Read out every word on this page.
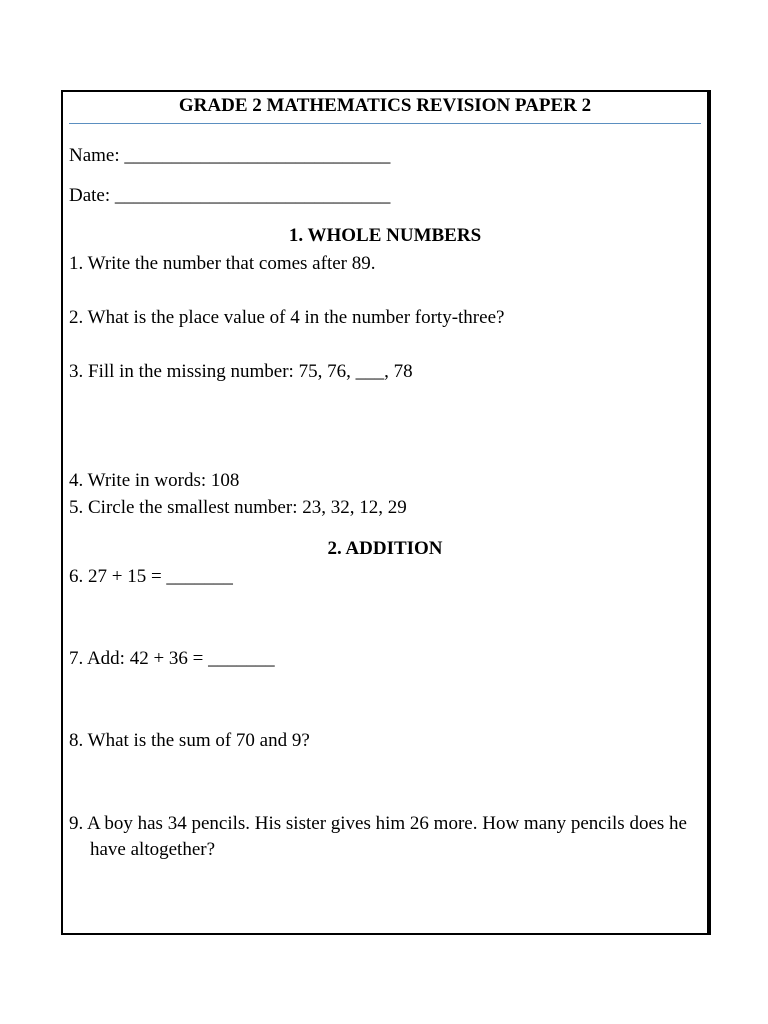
GRADE 2 MATHEMATICS REVISION PAPER 2
Name: ____________________________
Date: _____________________________
1. WHOLE NUMBERS
1. Write the number that comes after 89.
2. What is the place value of 4 in the number forty-three?
3. Fill in the missing number: 75, 76, ___, 78
4. Write in words: 108
5. Circle the smallest number: 23, 32, 12, 29
2. ADDITION
6. 27 + 15 = _______
7. Add: 42 + 36 = _______
8. What is the sum of 70 and 9?
9. A boy has 34 pencils. His sister gives him 26 more. How many pencils does he have altogether?
